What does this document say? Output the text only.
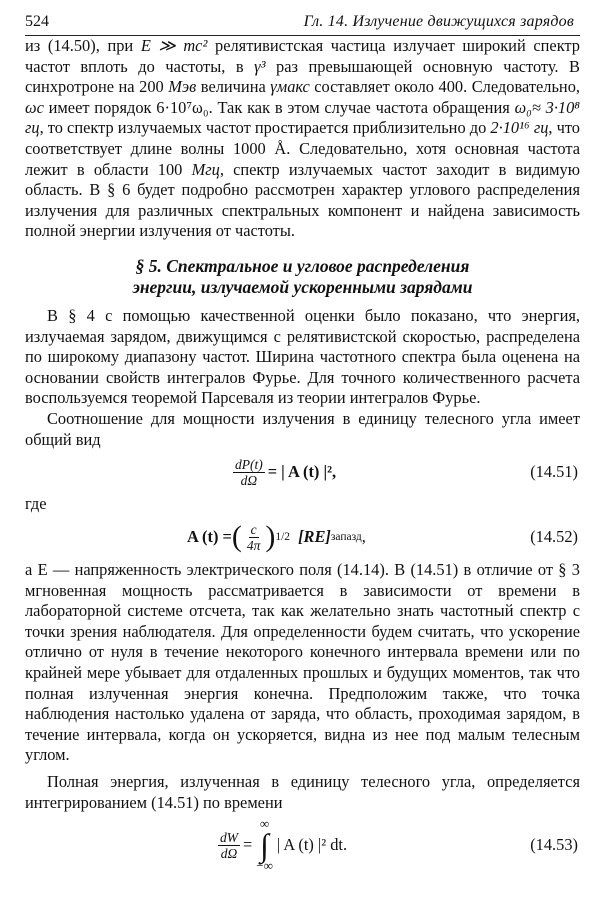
524	Гл. 14. Излучение движущихся зарядов

из (14.50), при E ≫ mc² релятивистская частица излучает широкий спектр частот вплоть до частоты, в γ³ раз превышающей основную частоту. В синхротроне на 200 Мэв величина γмакс составляет около 400. Следовательно, ωc имеет порядок 6·10⁷ω₀. Так как в этом случае частота обращения ω₀≈ 3·10⁸ гц, то спектр излучаемых частот простирается приблизительно до 2·10¹⁶ гц, что соответствует длине волны 1000 Å. Следовательно, хотя основная частота лежит в области 100 Мгц, спектр излучаемых частот заходит в видимую область. В § 6 будет подробно рассмотрен характер углового распределения излучения для различных спектральных компонент и найдена зависимость полной энергии излучения от частоты.

§ 5. Спектральное и угловое распределения
энергии, излучаемой ускоренными зарядами

В § 4 с помощью качественной оценки было показано, что энергия, излучаемая зарядом, движущимся с релятивистской скоростью, распределена по широкому диапазону частот. Ширина частотного спектра была оценена на основании свойств интегралов Фурье. Для точного количественного расчета воспользуемся теоремой Парсеваля из теории интегралов Фурье.

Соотношение для мощности излучения в единицу телесного угла имеет общий вид

$\frac{dP(t)}{d\Omega}$ = | A (t) |²,	(14.51)

где

A (t) = ( $\frac{c}{4\pi}$ ) 1/2 [RE] запазд ,	(14.52)

а E — напряженность электрического поля (14.14). В (14.51) в отличие от § 3 мгновенная мощность рассматривается в зависимости от времени в лабораторной системе отсчета, так как желательно знать частотный спектр с точки зрения наблюдателя. Для определенности будем считать, что ускорение отлично от нуля в течение некоторого конечного интервала времени или по крайней мере убывает для отдаленных прошлых и будущих моментов, так что полная излученная энергия конечна. Предположим также, что точка наблюдения настолько удалена от заряда, что область, проходимая зарядом, в течение интервала, когда он ускоряется, видна из нее под малым телесным углом.

Полная энергия, излученная в единицу телесного угла, определяется интегрированием (14.51) по времени

$\frac{dW}{d\Omega}$ =
∞
∫
−∞
| A (t) |² dt.	(14.53)
